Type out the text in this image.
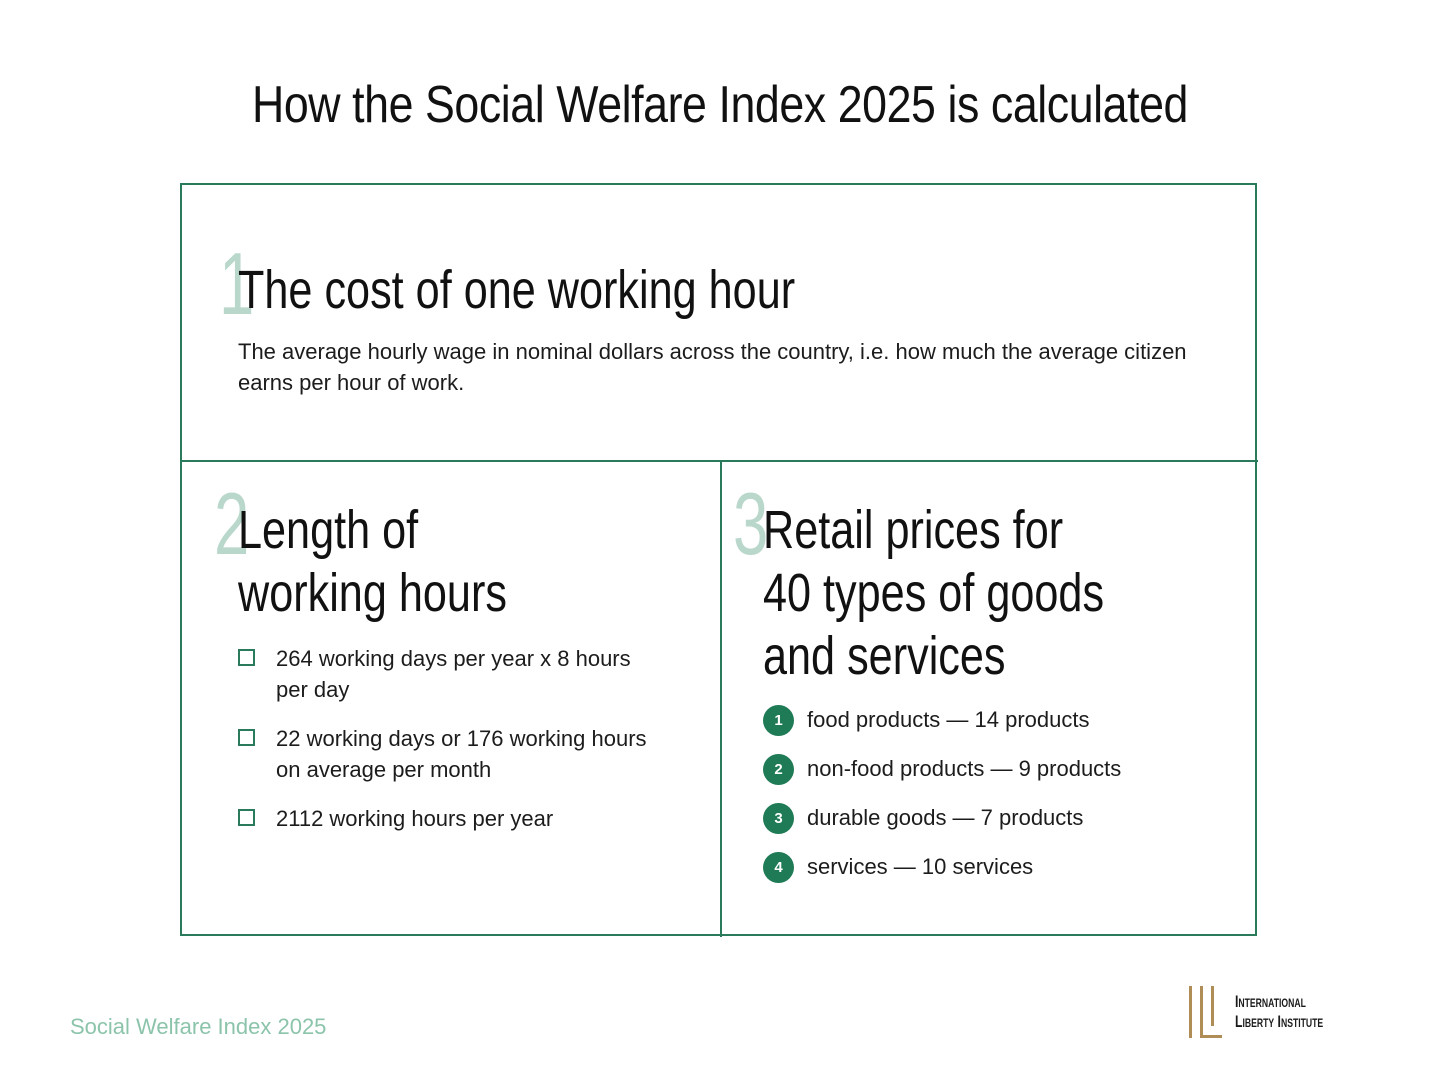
How the Social Welfare Index 2025 is calculated
1
The cost of one working hour
The average hourly wage in nominal dollars across the country, i.e. how much the average citizen earns per hour of work.
2
Length of
working hours
264 working days per year x 8 hours per day
22 working days or 176 working hours on average per month
2112 working hours per year
3
Retail prices for
40 types of goods
and services
1	food products — 14 products
2	non-food products — 9 products
3	durable goods — 7 products
4	services — 10 services
Social Welfare Index 2025
International
Liberty Institute
